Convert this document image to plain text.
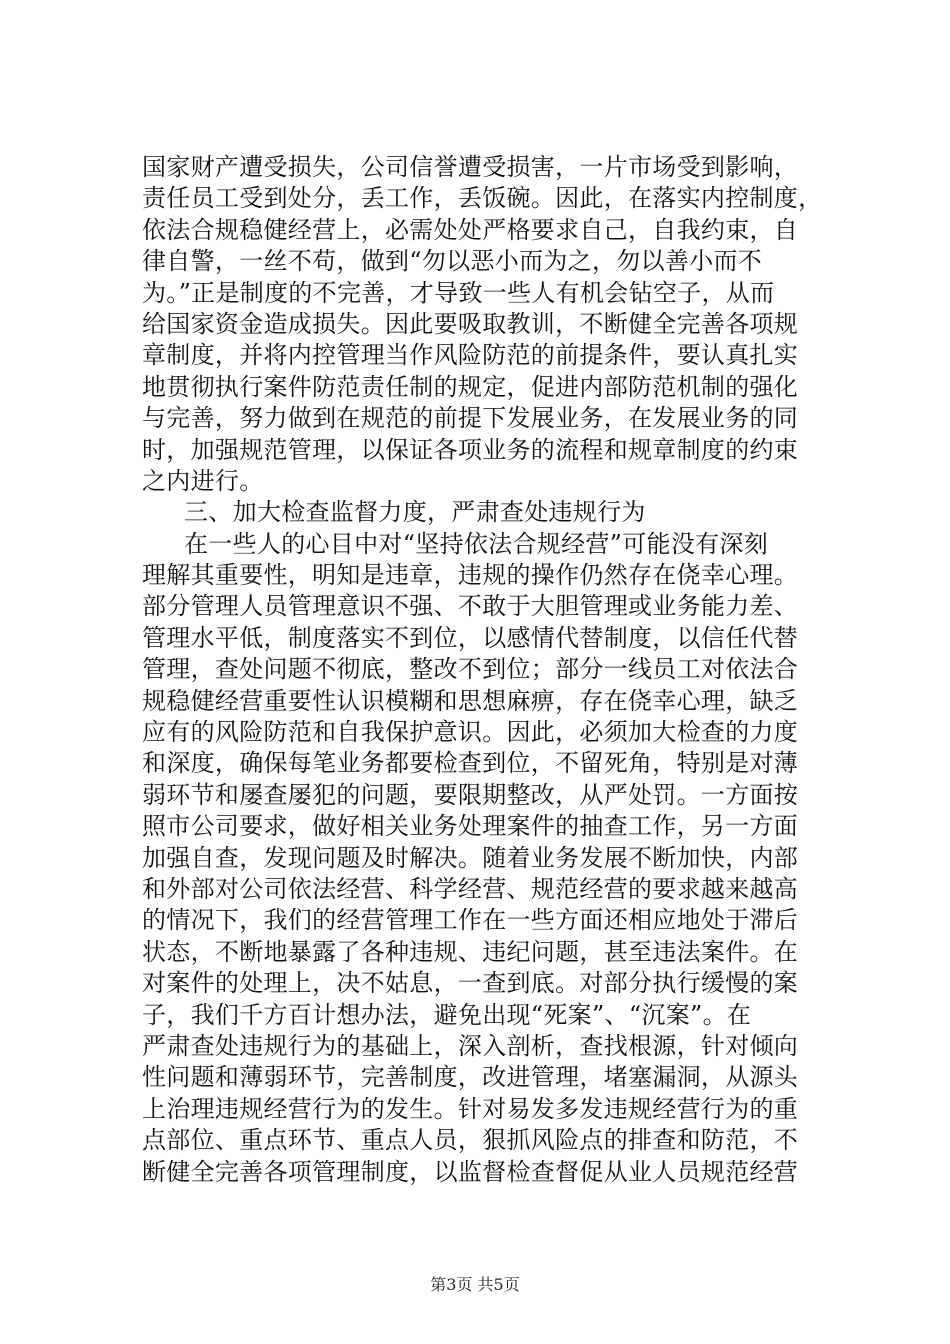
国家财产遭受损失，公司信誉遭受损害，一片市场受到影响，
责任员工受到处分，丢工作，丢饭碗。因此，在落实内控制度，
依法合规稳健经营上，必需处处严格要求自己，自我约束，自
律自警，一丝不苟，做到“勿以恶小而为之，勿以善小而不
为。”正是制度的不完善，才导致一些人有机会钻空子，从而
给国家资金造成损失。因此要吸取教训，不断健全完善各项规
章制度，并将内控管理当作风险防范的前提条件，要认真扎实
地贯彻执行案件防范责任制的规定，促进内部防范机制的强化
与完善，努力做到在规范的前提下发展业务，在发展业务的同
时，加强规范管理，以保证各项业务的流程和规章制度的约束
之内进行。
三、加大检查监督力度，严肃查处违规行为
在一些人的心目中对“坚持依法合规经营”可能没有深刻
理解其重要性，明知是违章，违规的操作仍然存在侥幸心理。
部分管理人员管理意识不强、不敢于大胆管理或业务能力差、
管理水平低，制度落实不到位，以感情代替制度，以信任代替
管理，查处问题不彻底，整改不到位；部分一线员工对依法合
规稳健经营重要性认识模糊和思想麻痹，存在侥幸心理，缺乏
应有的风险防范和自我保护意识。因此，必须加大检查的力度
和深度，确保每笔业务都要检查到位，不留死角，特别是对薄
弱环节和屡查屡犯的问题，要限期整改，从严处罚。一方面按
照市公司要求，做好相关业务处理案件的抽查工作，另一方面
加强自查，发现问题及时解决。随着业务发展不断加快，内部
和外部对公司依法经营、科学经营、规范经营的要求越来越高
的情况下，我们的经营管理工作在一些方面还相应地处于滞后
状态，不断地暴露了各种违规、违纪问题，甚至违法案件。在
对案件的处理上，决不姑息，一查到底。对部分执行缓慢的案
子，我们千方百计想办法，避免出现“死案”、“沉案”。在
严肃查处违规行为的基础上，深入剖析，查找根源，针对倾向
性问题和薄弱环节，完善制度，改进管理，堵塞漏洞，从源头
上治理违规经营行为的发生。针对易发多发违规经营行为的重
点部位、重点环节、重点人员，狠抓风险点的排查和防范，不
断健全完善各项管理制度，以监督检查督促从业人员规范经营
第3页 共5页
